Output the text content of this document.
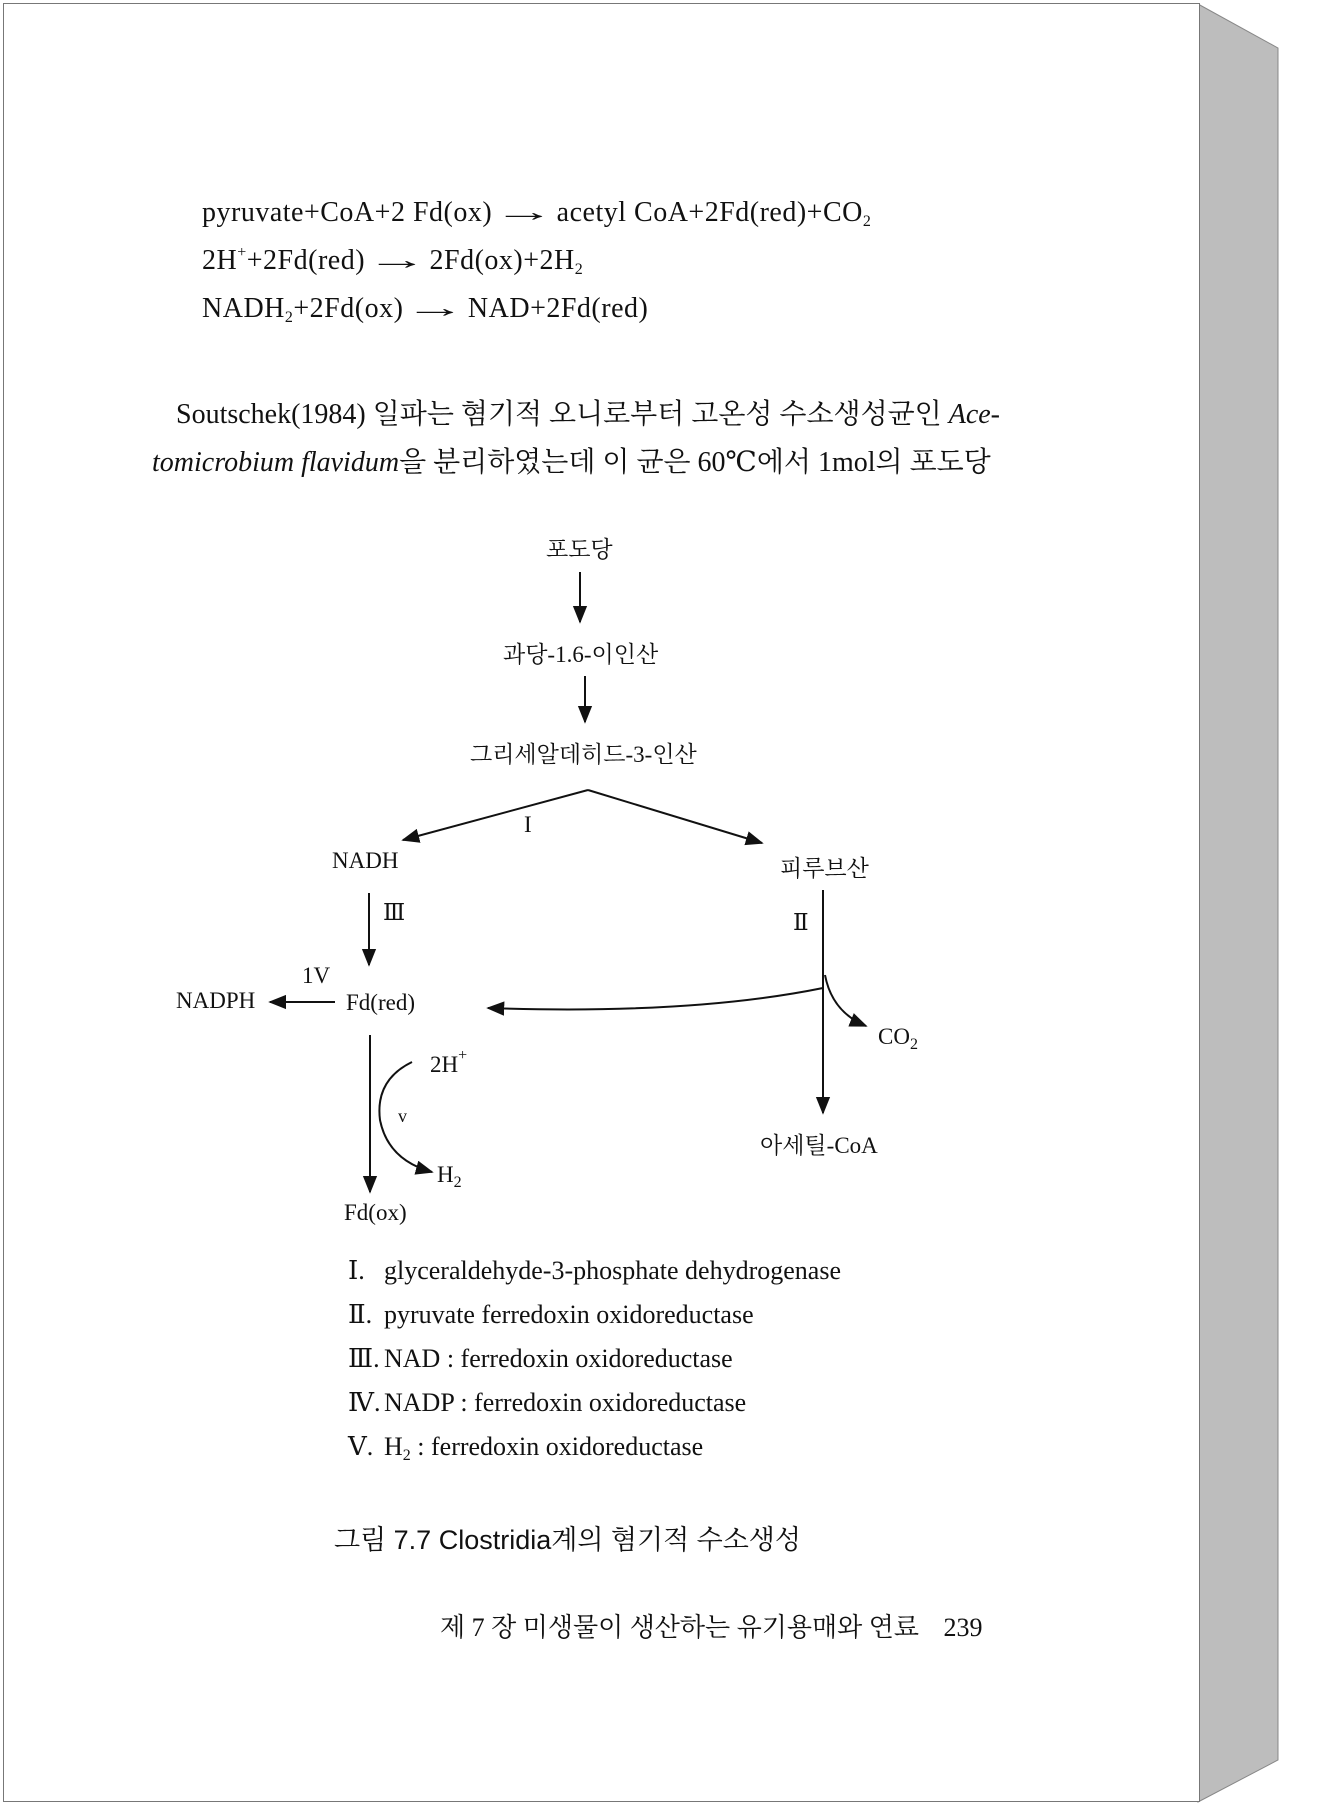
pyruvate+CoA+2 Fd(ox)→acetyl $CoA+2Fd(red)+CO_2$
$2H^++2Fd(red)\to 2Fd(ox)+2H_2$
$NADH_2+2Fd(ox)\to NAD+2Fd(red)$
Soutschek(1984) 일파는 혐기적 오니로부터 고온성 수소생성균인 Ace-
tomicrobium flavidum을 분리하였는데 이 균은 60℃에서 1mol의 포도당
포도당
과당-1.6-이인산
그리세알데히드-3-인산
I
NADH	피루브산
Ⅲ	Ⅱ
1V
NADPH	Fd(red)
$CO_2$
2H+
v
아세틸-CoA
$H_2$
Fd(ox)
Ⅰ. glyceraldehyde-3-phosphate dehydrogenase
Ⅱ. pyruvate ferredoxin oxidoreductase
Ⅲ. NAD : ferredoxin oxidoreductase
Ⅳ. NADP : ferredoxin oxidoreductase
Ⅴ. $H_2$ : ferredoxin oxidoreductase
그림 7.7 Clostridia계의 혐기적 수소생성
제 7 장 미생물이 생산하는 유기용매와 연료 239
